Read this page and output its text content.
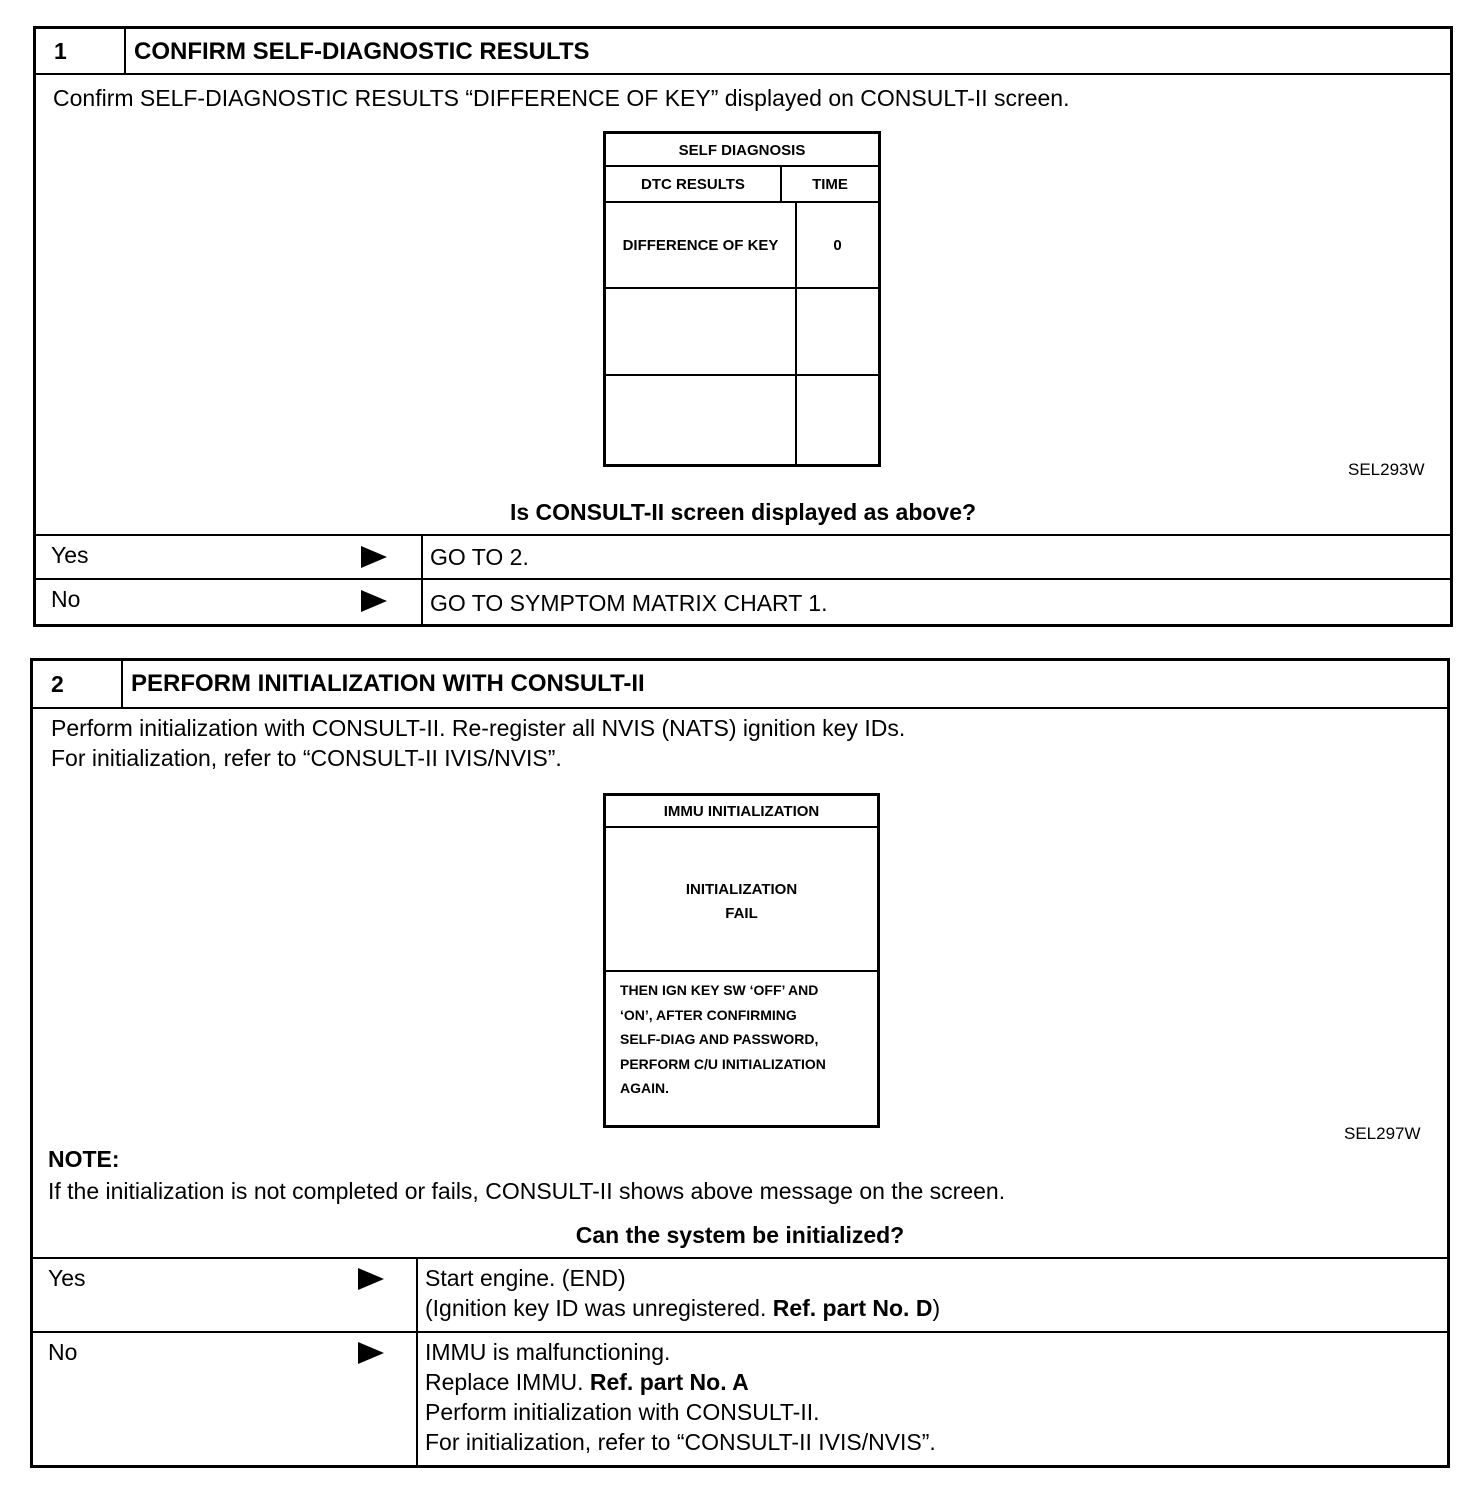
1	CONFIRM SELF-DIAGNOSTIC RESULTS
Confirm SELF-DIAGNOSTIC RESULTS “DIFFERENCE OF KEY” displayed on CONSULT-II screen.
SELF DIAGNOSIS
DTC RESULTS	TIME
DIFFERENCE OF KEY	0
SEL293W
Is CONSULT-II screen displayed as above?
Yes	GO TO 2.
No	GO TO SYMPTOM MATRIX CHART 1.
2	PERFORM INITIALIZATION WITH CONSULT-II
Perform initialization with CONSULT-II. Re-register all NVIS (NATS) ignition key IDs.
For initialization, refer to “CONSULT-II IVIS/NVIS”.
IMMU INITIALIZATION
INITIALIZATION
FAIL
THEN IGN KEY SW ‘OFF’ AND
‘ON’, AFTER CONFIRMING
SELF-DIAG AND PASSWORD,
PERFORM C/U INITIALIZATION
AGAIN.
SEL297W
NOTE:
If the initialization is not completed or fails, CONSULT-II shows above message on the screen.
Can the system be initialized?
Yes	Start engine. (END)
(Ignition key ID was unregistered. Ref. part No. D)
No	IMMU is malfunctioning.
Replace IMMU. Ref. part No. A
Perform initialization with CONSULT-II.
For initialization, refer to “CONSULT-II IVIS/NVIS”.
